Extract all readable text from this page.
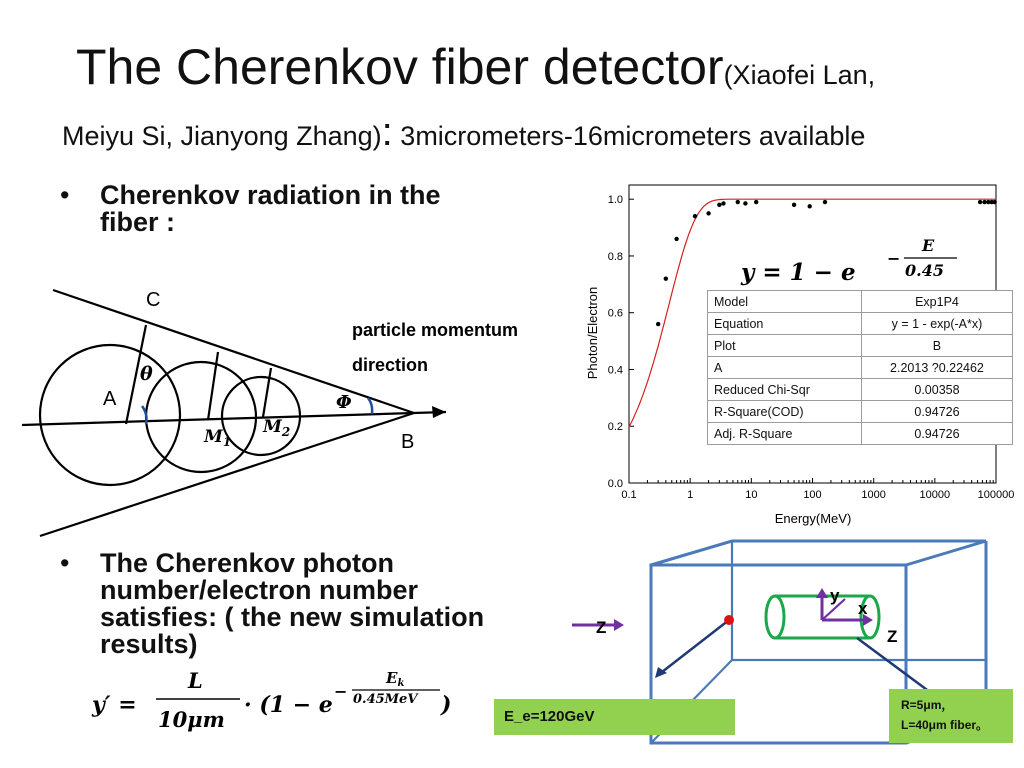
The Cherenkov fiber detector(Xiaofei Lan,
Meiyu Si, Jianyong Zhang): 3micrometers-16micrometers available
• Cherenkov radiation in the
fiber :
• The Cherenkov photon
number/electron number
satisfies: ( the new simulation
results)
C
A
B
θ
Φ
$M_1$
$M_2$
particle momentum
direction
y′ =
L
10μm
· (1 − e
−
$E_k$
0.45MeV )
Z
y
x
Z
0.1	1	10	100	1000	10000	100000
0.0
0.2
0.4
0.6
0.8
1.0
Energy(MeV)
Photon/Electron
y = 1 − e
−
E
0.45
Model	Exp1P4
Equation	y = 1 - exp(-A*x)
Plot	B
A	2.2013 ?0.22462
Reduced Chi-Sqr	0.00358
R-Square(COD)	0.94726
Adj. R-Square	0.94726
E_e=120GeV
R=5μm，
L=40μm fiber。
